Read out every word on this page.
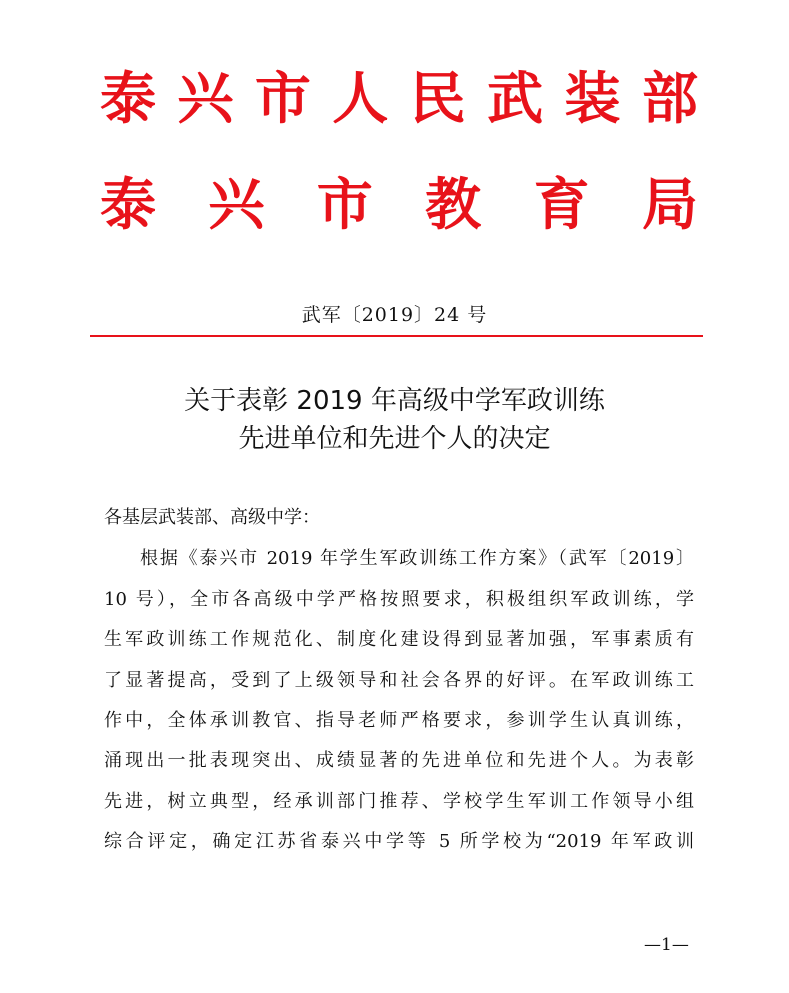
泰 兴 市 人 民 武 装 部
泰 兴 市 教 育 局
武军〔2019〕24 号
关于表彰 2019 年高级中学军政训练
先进单位和先进个人的决定
各基层武装部、高级中学：
根据《泰兴市 2019 年学生军政训练工作方案》（武军〔2019〕
10 号），全市各高级中学严格按照要求，积极组织军政训练，学
生军政训练工作规范化、制度化建设得到显著加强，军事素质有
了显著提高，受到了上级领导和社会各界的好评。在军政训练工
作中，全体承训教官、指导老师严格要求，参训学生认真训练，
涌现出一批表现突出、成绩显著的先进单位和先进个人。为表彰
先进，树立典型，经承训部门推荐、学校学生军训工作领导小组
综合评定，确定江苏省泰兴中学等 5 所学校为“2019 年军政训
—1—
